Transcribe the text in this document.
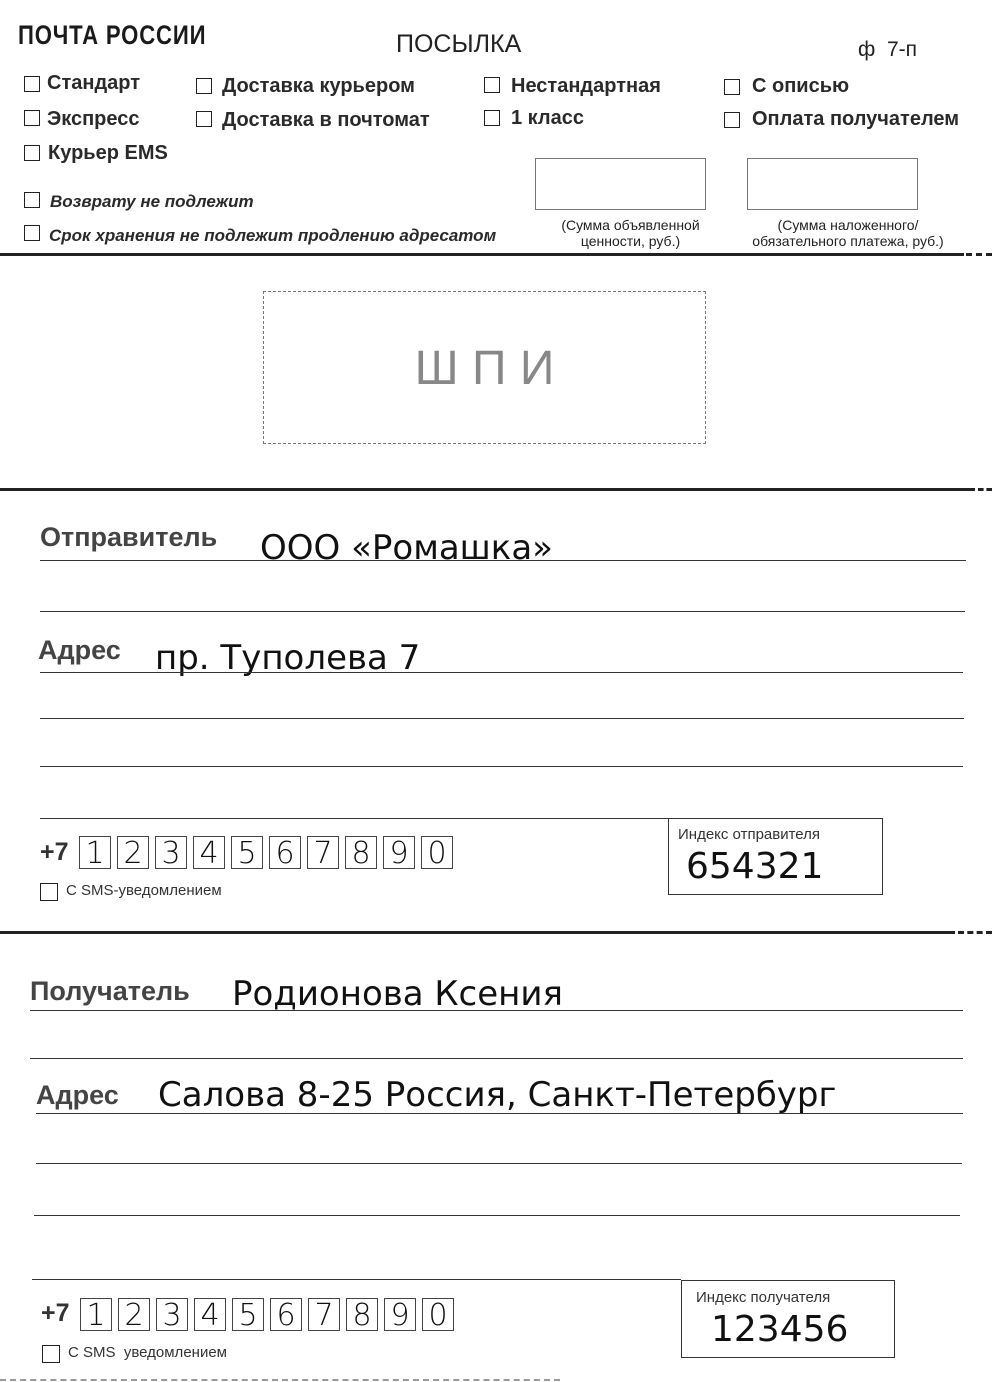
ПОЧТА РОССИИ	ПОСЫЛКА	ф  7-п
Стандарт
Экспресс
Курьер EMS
Доставка курьером
Доставка в почтомат
Нестандартная
1 класс
С описью
Оплата получателем
Возврату не подлежит
Срок хранения не подлежит продлению адресатом
(Сумма объявленной
ценности, руб.)
(Сумма наложенного/
обязательного платежа, руб.)
Ш П И
Отправитель ООО «Ромашка»
Адрес пр. Туполева 7
+7 1 2 3 4 5 6 7 8 9 0
С SMS-уведомлением
Индекс отправителя
654321
Получатель Родионова Ксения
Адрес Салова 8-25 Россия, Санкт-Петербург
+7 1 2 3 4 5 6 7 8 9 0
С SMS  уведомлением
Индекс получателя
123456
